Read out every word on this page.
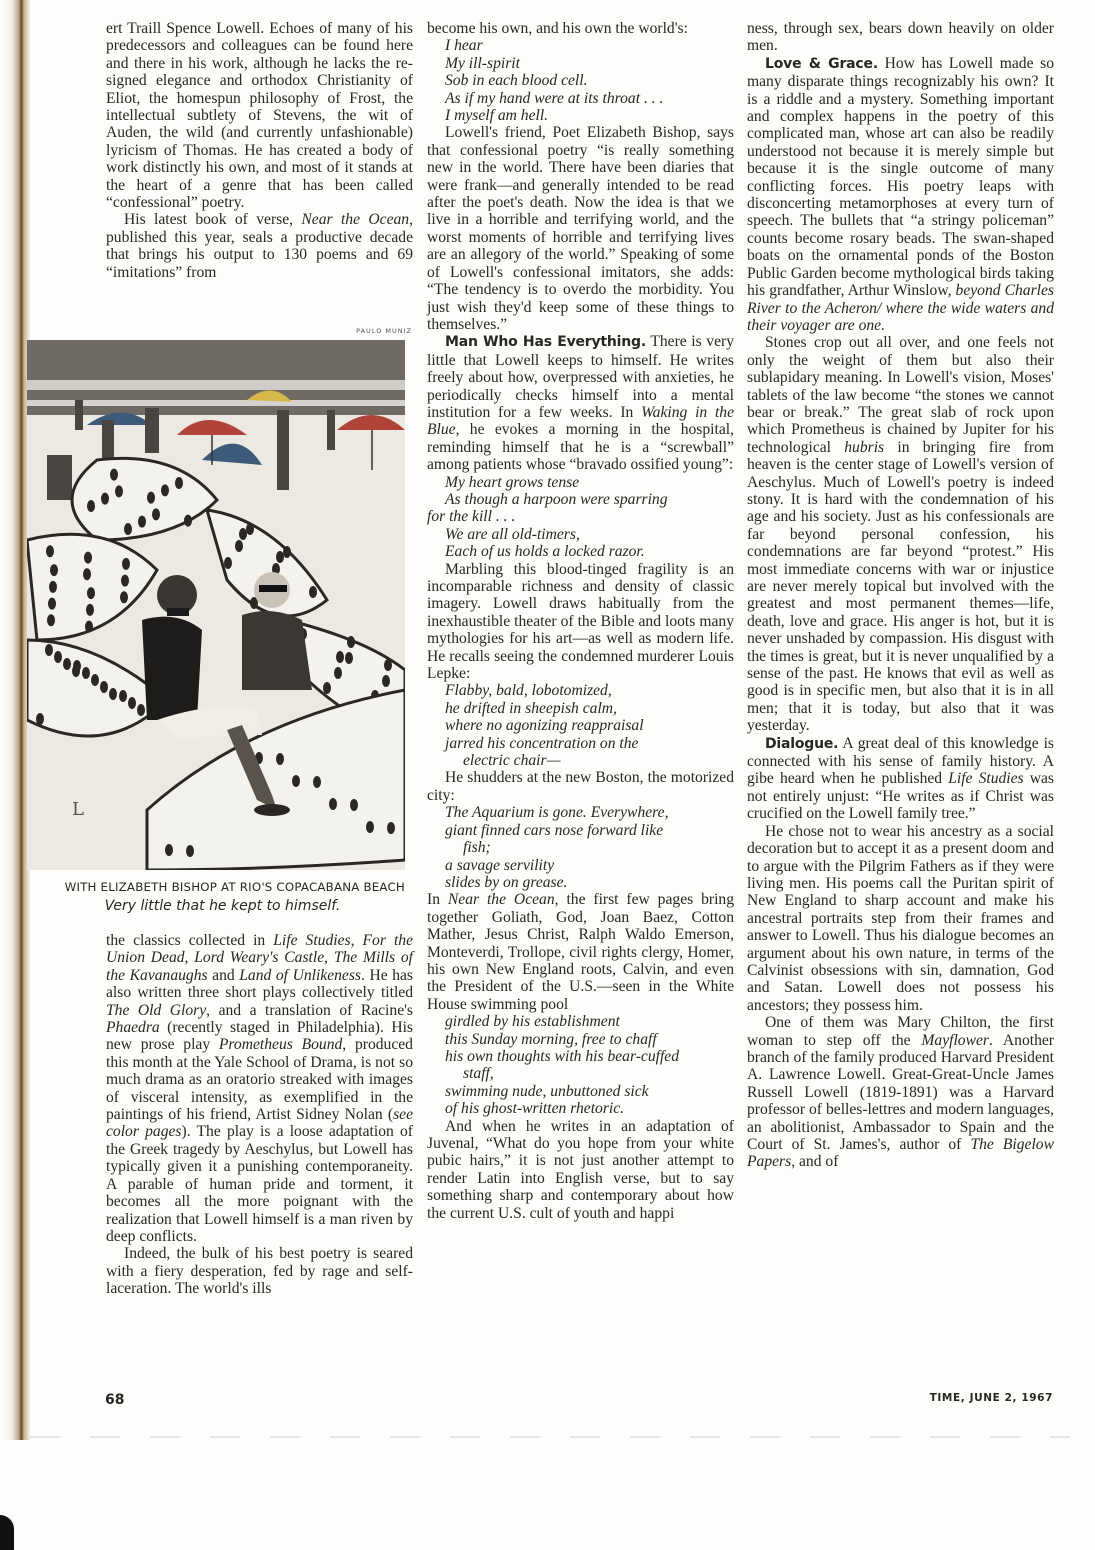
ert Traill Spence Lowell. Echoes of many of his predecessors and colleagues can be found here and there in his work, although he lacks the resigned elegance and orthodox Christianity of Eliot, the homespun philosophy of Frost, the intellectual subtlety of Stevens, the wit of Auden, the wild (and currently unfashionable) lyricism of Thomas. He has created a body of work distinctly his own, and most of it stands at the heart of a genre that has been called “confessional” poetry.

His latest book of verse, Near the Ocean, published this year, seals a productive decade that brings his output to 130 poems and 69 “imitations” from

PAULO MUNIZ
L
WITH ELIZABETH BISHOP AT RIO'S COPACABANA BEACH
Very little that he kept to himself.

the classics collected in Life Studies, For the Union Dead, Lord Weary's Castle, The Mills of the Kavanaughs and Land of Unlikeness. He has also written three short plays collectively titled The Old Glory, and a translation of Racine's Phaedra (recently staged in Philadelphia). His new prose play Prometheus Bound, produced this month at the Yale School of Drama, is not so much drama as an oratorio streaked with images of visceral intensity, as exemplified in the paintings of his friend, Artist Sidney Nolan (see color pages). The play is a loose adaptation of the Greek tragedy by Aeschylus, but Lowell has typically given it a punishing contemporaneity. A parable of human pride and torment, it becomes all the more poignant with the realization that Lowell himself is a man riven by deep conflicts.

Indeed, the bulk of his best poetry is seared with a fiery desperation, fed by rage and self-laceration. The world's ills

become his own, and his own the world's:

I hear
My ill-spirit
Sob in each blood cell.
As if my hand were at its throat . . .
I myself am hell.

Lowell's friend, Poet Elizabeth Bishop, says that confessional poetry “is really something new in the world. There have been diaries that were frank—and generally intended to be read after the poet's death. Now the idea is that we live in a horrible and terrifying world, and the worst moments of horrible and terrifying lives are an allegory of the world.” Speaking of some of Lowell's confessional imitators, she adds: “The tendency is to overdo the morbidity. You just wish they'd keep some of these things to themselves.”

Man Who Has Everything. There is very little that Lowell keeps to himself. He writes freely about how, overpressed with anxieties, he periodically checks himself into a mental institution for a few weeks. In Waking in the Blue, he evokes a morning in the hospital, reminding himself that he is a “screwball” among patients whose “bravado ossified young”:

My heart grows tense
As though a harpoon were sparring
for the kill . . .
We are all old-timers,
Each of us holds a locked razor.

Marbling this blood-tinged fragility is an incomparable richness and density of classic imagery. Lowell draws habitually from the inexhaustible theater of the Bible and loots many mythologies for his art—as well as modern life. He recalls seeing the condemned murderer Louis Lepke:

Flabby, bald, lobotomized,
he drifted in sheepish calm,
where no agonizing reappraisal
jarred his concentration on the
electric chair—

He shudders at the new Boston, the motorized city:

The Aquarium is gone. Everywhere,
giant finned cars nose forward like
fish;
a savage servility
slides by on grease.

In Near the Ocean, the first few pages bring together Goliath, God, Joan Baez, Cotton Mather, Jesus Christ, Ralph Waldo Emerson, Monteverdi, Trollope, civil rights clergy, Homer, his own New England roots, Calvin, and even the President of the U.S.—seen in the White House swimming pool

girdled by his establishment
this Sunday morning, free to chaff
his own thoughts with his bear-cuffed
staff,
swimming nude, unbuttoned sick
of his ghost-written rhetoric.

And when he writes in an adaptation of Juvenal, “What do you hope from your white pubic hairs,” it is not just another attempt to render Latin into English verse, but to say something sharp and contemporary about how the current U.S. cult of youth and happi

ness, through sex, bears down heavily on older men.

Love & Grace. How has Lowell made so many disparate things recognizably his own? It is a riddle and a mystery. Something important and complex happens in the poetry of this complicated man, whose art can also be readily understood not because it is merely simple but because it is the single outcome of many conflicting forces. His poetry leaps with disconcerting metamorphoses at every turn of speech. The bullets that “a stringy policeman” counts become rosary beads. The swan-shaped boats on the ornamental ponds of the Boston Public Garden become mythological birds taking his grandfather, Arthur Winslow, beyond Charles River to the Acheron/ where the wide waters and their voyager are one.

Stones crop out all over, and one feels not only the weight of them but also their sublapidary meaning. In Lowell's vision, Moses' tablets of the law become “the stones we cannot bear or break.” The great slab of rock upon which Prometheus is chained by Jupiter for his technological hubris in bringing fire from heaven is the center stage of Lowell's version of Aeschylus. Much of Lowell's poetry is indeed stony. It is hard with the condemnation of his age and his society. Just as his confessionals are far beyond personal confession, his condemnations are far beyond “protest.” His most immediate concerns with war or injustice are never merely topical but involved with the greatest and most permanent themes—life, death, love and grace. His anger is hot, but it is never unshaded by compassion. His disgust with the times is great, but it is never unqualified by a sense of the past. He knows that evil as well as good is in specific men, but also that it is in all men; that it is today, but also that it was yesterday.

Dialogue. A great deal of this knowledge is connected with his sense of family history. A gibe heard when he published Life Studies was not entirely unjust: “He writes as if Christ was crucified on the Lowell family tree.”

He chose not to wear his ancestry as a social decoration but to accept it as a present doom and to argue with the Pilgrim Fathers as if they were living men. His poems call the Puritan spirit of New England to sharp account and make his ancestral portraits step from their frames and answer to Lowell. Thus his dialogue becomes an argument about his own nature, in terms of the Calvinist obsessions with sin, damnation, God and Satan. Lowell does not possess his ancestors; they possess him.

One of them was Mary Chilton, the first woman to step off the Mayflower. Another branch of the family produced Harvard President A. Lawrence Lowell. Great-Great-Uncle James Russell Lowell (1819-1891) was a Harvard professor of belles-lettres and modern languages, an abolitionist, Ambassador to Spain and the Court of St. James's, author of The Bigelow Papers, and of

68	TIME, JUNE 2, 1967
